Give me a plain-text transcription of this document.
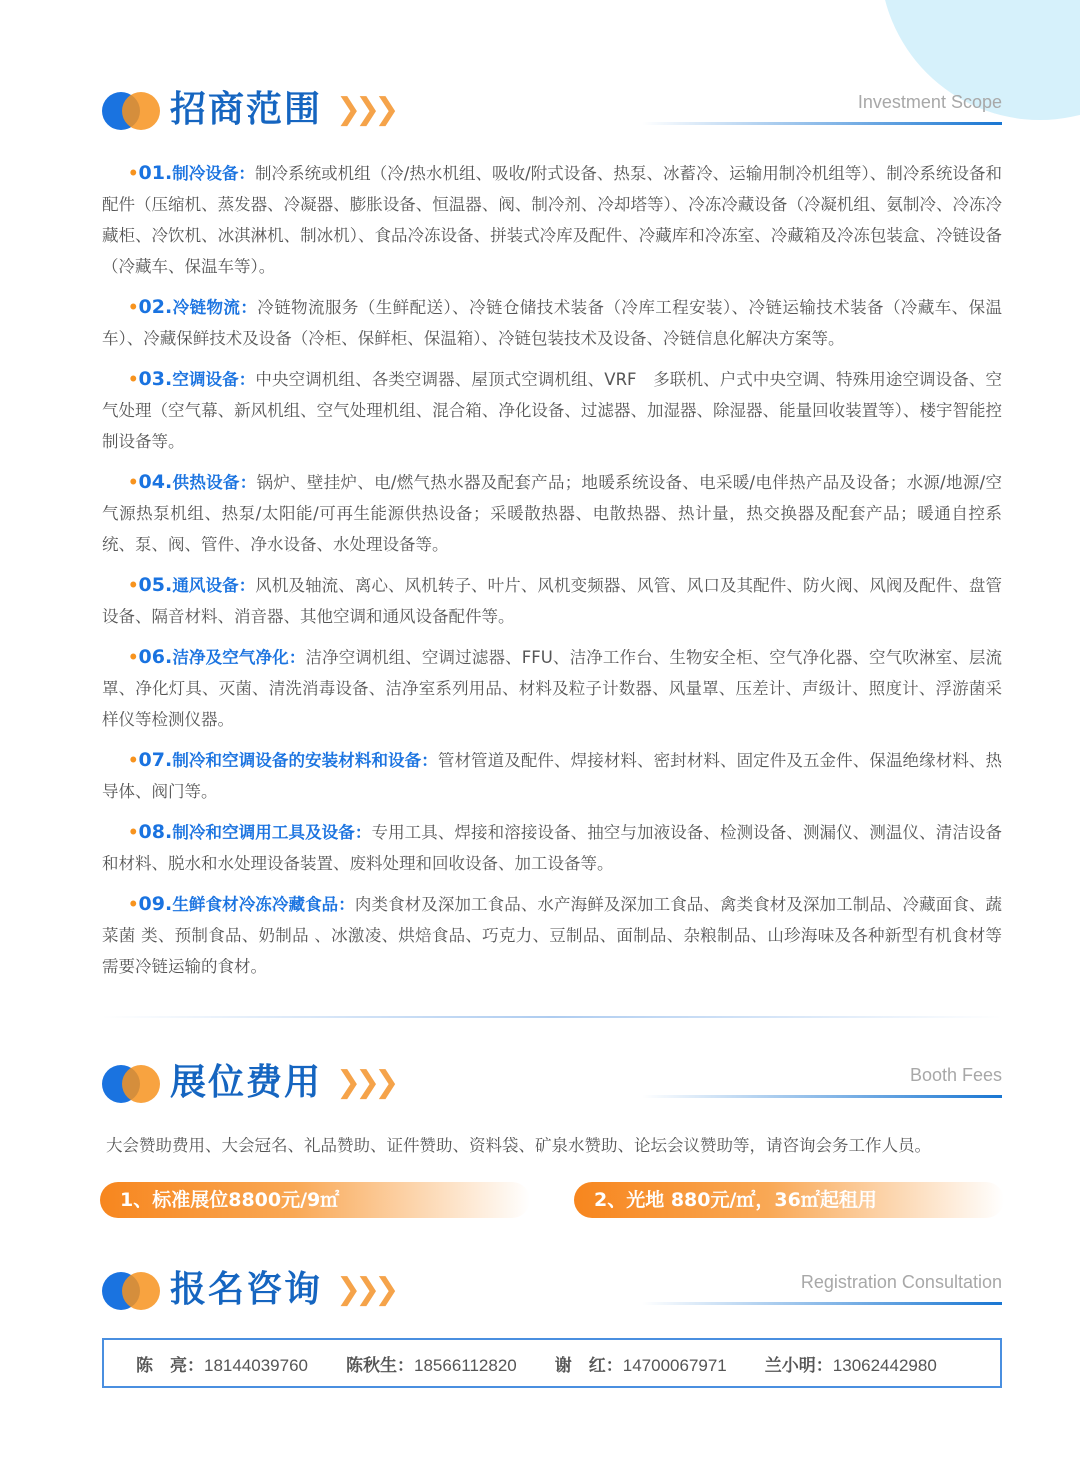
招商范围 ❯❯❯	Investment Scope

•01.制冷设备：制冷系统或机组（冷/热水机组、吸收/附式设备、热泵、冰蓄冷、运输用制冷机组等）、制冷系统设备和配件（压缩机、蒸发器、冷凝器、膨胀设备、恒温器、阀、制冷剂、冷却塔等）、冷冻冷藏设备（冷凝机组、氨制冷、冷冻冷藏柜、冷饮机、冰淇淋机、制冰机）、食品冷冻设备、拼装式冷库及配件、冷藏库和冷冻室、冷藏箱及冷冻包装盒、冷链设备（冷藏车、保温车等）。

•02.冷链物流：冷链物流服务（生鲜配送）、冷链仓储技术装备（冷库工程安装）、冷链运输技术装备（冷藏车、保温车）、冷藏保鲜技术及设备（冷柜、保鲜柜、保温箱）、冷链包装技术及设备、冷链信息化解决方案等。

•03.空调设备：中央空调机组、各类空调器、屋顶式空调机组、VRF　多联机、户式中央空调、特殊用途空调设备、空气处理（空气幕、新风机组、空气处理机组、混合箱、净化设备、过滤器、加湿器、除湿器、能量回收装置等）、楼宇智能控制设备等。

•04.供热设备：锅炉、壁挂炉、电/燃气热水器及配套产品；地暖系统设备、电采暖/电伴热产品及设备；水源/地源/空气源热泵机组、热泵/太阳能/可再生能源供热设备；采暖散热器、电散热器、热计量，热交换器及配套产品；暖通自控系统、泵、阀、管件、净水设备、水处理设备等。

•05.通风设备：风机及轴流、离心、风机转子、叶片、风机变频器、风管、风口及其配件、防火阀、风阀及配件、盘管设备、隔音材料、消音器、其他空调和通风设备配件等。

•06.洁净及空气净化：洁净空调机组、空调过滤器、FFU、洁净工作台、生物安全柜、空气净化器、空气吹淋室、层流罩、净化灯具、灭菌、清洗消毒设备、洁净室系列用品、材料及粒子计数器、风量罩、压差计、声级计、照度计、浮游菌采样仪等检测仪器。

•07.制冷和空调设备的安装材料和设备：管材管道及配件、焊接材料、密封材料、固定件及五金件、保温绝缘材料、热导体、阀门等。

•08.制冷和空调用工具及设备：专用工具、焊接和溶接设备、抽空与加液设备、检测设备、测漏仪、测温仪、清洁设备和材料、脱水和水处理设备装置、废料处理和回收设备、加工设备等。

•09.生鲜食材冷冻冷藏食品：肉类食材及深加工食品、水产海鲜及深加工食品、禽类食材及深加工制品、冷藏面食、蔬菜菌 类、预制食品、奶制品 、冰激凌、烘焙食品、巧克力、豆制品、面制品、杂粮制品、山珍海味及各种新型有机食材等需要冷链运输的食材。

展位费用 ❯❯❯	Booth Fees
大会赞助费用、大会冠名、礼品赞助、证件赞助、资料袋、矿泉水赞助、论坛会议赞助等，请咨询会务工作人员。
1、标准展位8800元/9㎡	2、光地 880元/㎡，36㎡起租用
报名咨询 ❯❯❯	Registration Consultation
陈　亮：18144039760 陈秋生：18566112820 谢　红：14700067971 兰小明：13062442980
